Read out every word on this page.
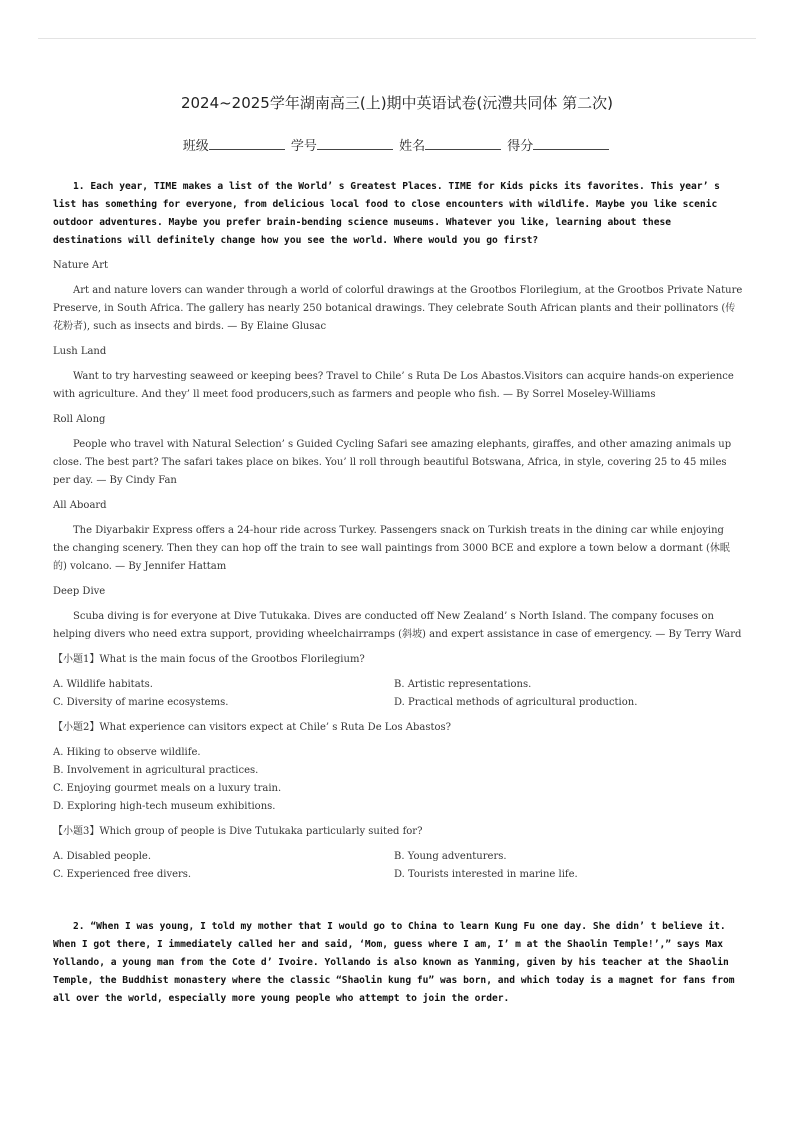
2024~2025学年湖南高三(上)期中英语试卷(沅澧共同体 第二次)
班级	学号	姓名	得分

1. Each year, TIME makes a list of the World’ s Greatest Places. TIME for Kids picks its favorites. This year’ s list has something for everyone, from delicious local food to close encounters with wildlife. Maybe you like scenic outdoor adventures. Maybe you prefer brain-bending science museums. Whatever you like, learning about these destinations will definitely change how you see the world. Where would you go first?

Nature Art

Art and nature lovers can wander through a world of colorful drawings at the Grootbos Florilegium, at the Grootbos Private Nature Preserve, in South Africa. The gallery has nearly 250 botanical drawings. They celebrate South African plants and their pollinators (传花粉者), such as insects and birds. — By Elaine Glusac

Lush Land

Want to try harvesting seaweed or keeping bees? Travel to Chile’ s Ruta De Los Abastos.Visitors can acquire hands-on experience with agriculture. And they’ ll meet food producers,such as farmers and people who fish. — By Sorrel Moseley-Williams

Roll Along

People who travel with Natural Selection’ s Guided Cycling Safari see amazing elephants, giraffes, and other amazing animals up close. The best part? The safari takes place on bikes. You’ ll roll through beautiful Botswana, Africa, in style, covering 25 to 45 miles per day. — By Cindy Fan

All Aboard

The Diyarbakir Express offers a 24-hour ride across Turkey. Passengers snack on Turkish treats in the dining car while enjoying the changing scenery. Then they can hop off the train to see wall paintings from 3000 BCE and explore a town below a dormant (休眠的) volcano. — By Jennifer Hattam

Deep Dive

Scuba diving is for everyone at Dive Tutukaka. Dives are conducted off New Zealand’ s North Island. The company focuses on helping divers who need extra support, providing wheelchairramps (斜坡) and expert assistance in case of emergency. — By Terry Ward

【小题1】What is the main focus of the Grootbos Florilegium?

A. Wildlife habitats.	B. Artistic representations.
C. Diversity of marine ecosystems.	D. Practical methods of agricultural production.

【小题2】What experience can visitors expect at Chile’ s Ruta De Los Abastos?

A. Hiking to observe wildlife.
B. Involvement in agricultural practices.
C. Enjoying gourmet meals on a luxury train.
D. Exploring high-tech museum exhibitions.

【小题3】Which group of people is Dive Tutukaka particularly suited for?

A. Disabled people.	B. Young adventurers.
C. Experienced free divers.	D. Tourists interested in marine life.

2. “When I was young, I told my mother that I would go to China to learn Kung Fu one day. She didn’ t believe it. When I got there, I immediately called her and said, ‘Mom, guess where I am, I’ m at the Shaolin Temple!’,” says Max Yollando, a young man from the Cote d’ Ivoire. Yollando is also known as Yanming, given by his teacher at the Shaolin Temple, the Buddhist monastery where the classic “Shaolin kung fu” was born, and which today is a magnet for fans from all over the world, especially more young people who attempt to join the order.
